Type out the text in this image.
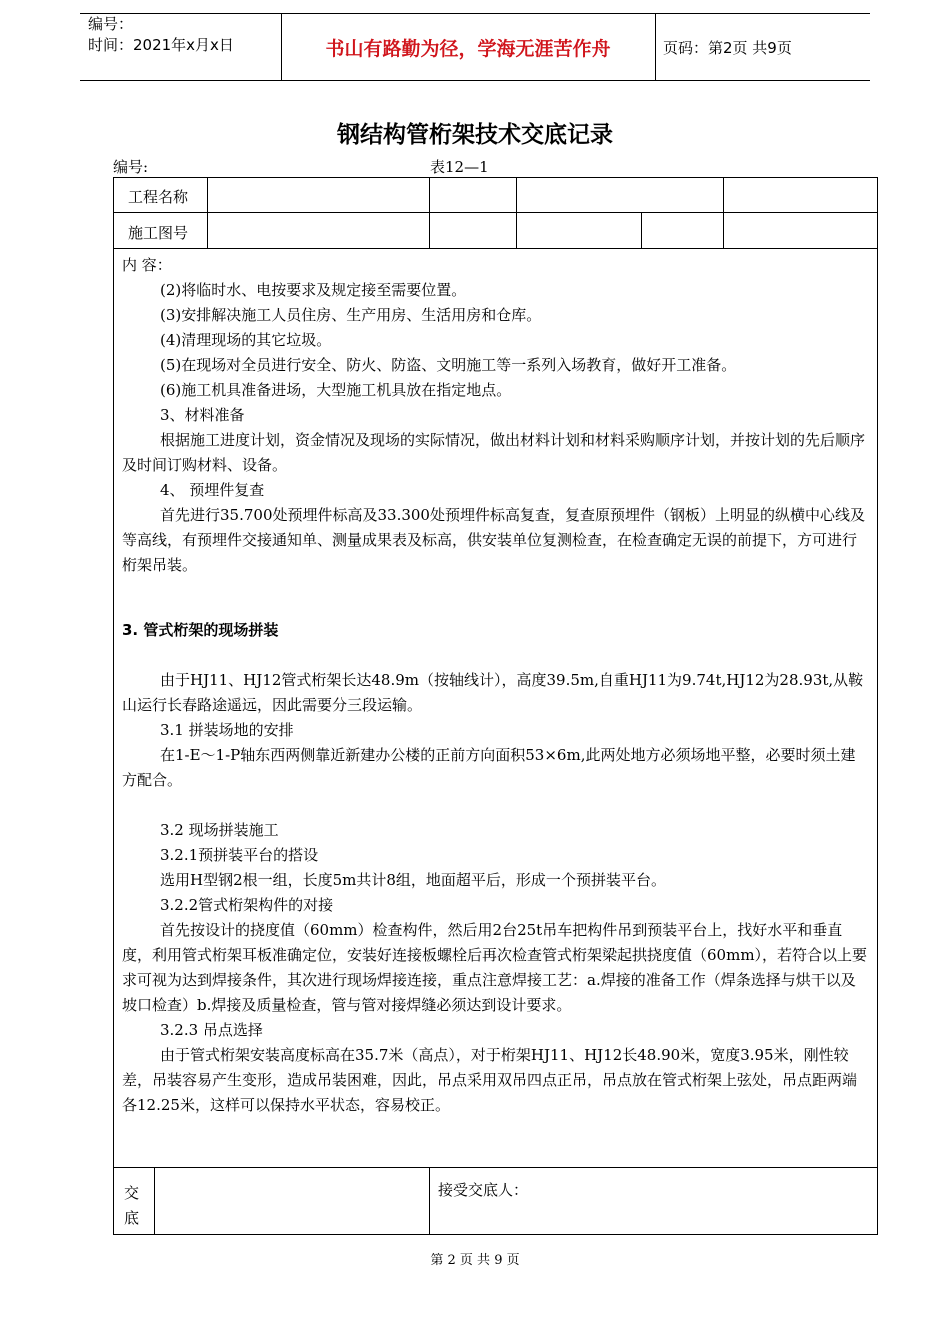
编号：
时间：2021年x月x日	书山有路勤为径，学海无涯苦作舟	页码：第2页 共9页
钢结构管桁架技术交底记录
编号:	表12—1
工程名称
施工图号
交
底
接受交底人：

内 容：

(2)将临时水、电按要求及规定接至需要位置。

(3)安排解决施工人员住房、生产用房、生活用房和仓库。

(4)清理现场的其它垃圾。

(5)在现场对全员进行安全、防火、防盗、文明施工等一系列入场教育，做好开工准备。

(6)施工机具准备进场，大型施工机具放在指定地点。

3、材料准备

根据施工进度计划，资金情况及现场的实际情况，做出材料计划和材料采购顺序计划，并按计划的先后顺序及时间订购材料、设备。

4、 预埋件复查

首先进行35.700处预埋件标高及33.300处预埋件标高复查，复查原预埋件（钢板）上明显的纵横中心线及等高线，有预埋件交接通知单、测量成果表及标高，供安装单位复测检查，在检查确定无误的前提下，方可进行桁架吊装。

3. 管式桁架的现场拼装

由于HJ11、HJ12管式桁架长达48.9m（按轴线计），高度39.5m,自重HJ11为9.74t,HJ12为28.93t,从鞍山运行长春路途遥远，因此需要分三段运输。

3.1 拼装场地的安排

在1-E～1-P轴东西两侧靠近新建办公楼的正前方向面积53×6m,此两处地方必须场地平整，必要时须土建方配合。

3.2 现场拼装施工

3.2.1预拼装平台的搭设

选用H型钢2根一组，长度5m共计8组，地面超平后，形成一个预拼装平台。

3.2.2管式桁架构件的对接

首先按设计的挠度值（60mm）检查构件，然后用2台25t吊车把构件吊到预装平台上，找好水平和垂直度，利用管式桁架耳板准确定位，安装好连接板螺栓后再次检查管式桁架梁起拱挠度值（60mm），若符合以上要求可视为达到焊接条件，其次进行现场焊接连接，重点注意焊接工艺：a.焊接的准备工作（焊条选择与烘干以及坡口检查）b.焊接及质量检查，管与管对接焊缝必须达到设计要求。

3.2.3 吊点选择

由于管式桁架安装高度标高在35.7米（高点），对于桁架HJ11、HJ12长48.90米，宽度3.95米，刚性较差，吊装容易产生变形，造成吊装困难，因此，吊点采用双吊四点正吊，吊点放在管式桁架上弦处，吊点距两端各12.25米，这样可以保持水平状态，容易校正。

第 2 页 共 9 页
